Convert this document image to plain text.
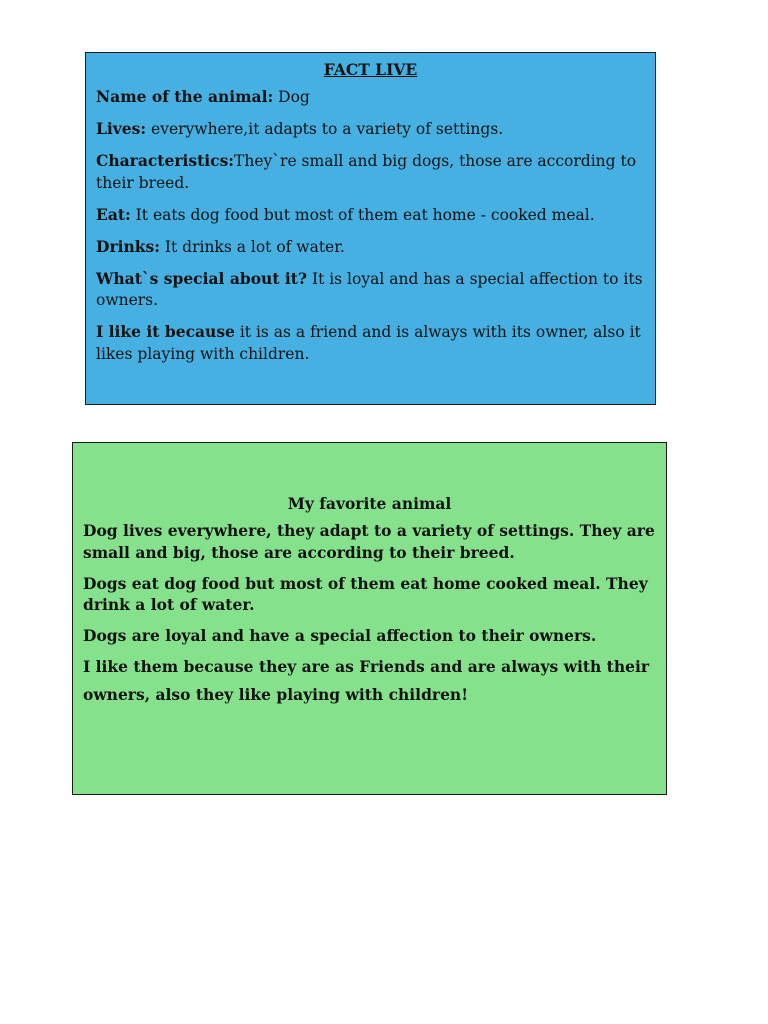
FACT LIVE
Name of the animal: Dog
Lives: everywhere,it adapts to a variety of settings.
Characteristics:They`re small and big dogs, those are according to their breed.
Eat: It eats dog food but most of them eat home - cooked meal.
Drinks: It drinks a lot of water.
What`s special about it? It is loyal and has a special affection to its owners.
I like it because it is as a friend and is always with its owner, also it likes playing with children.
My favorite animal

Dog lives everywhere, they adapt to a variety of settings. They are small and big, those are according to their breed.

Dogs eat dog food but most of them eat home cooked meal. They drink a lot of water.

Dogs are loyal and have a special affection to their owners.

I like them because they are as Friends and are always with their owners, also they like playing with children!
